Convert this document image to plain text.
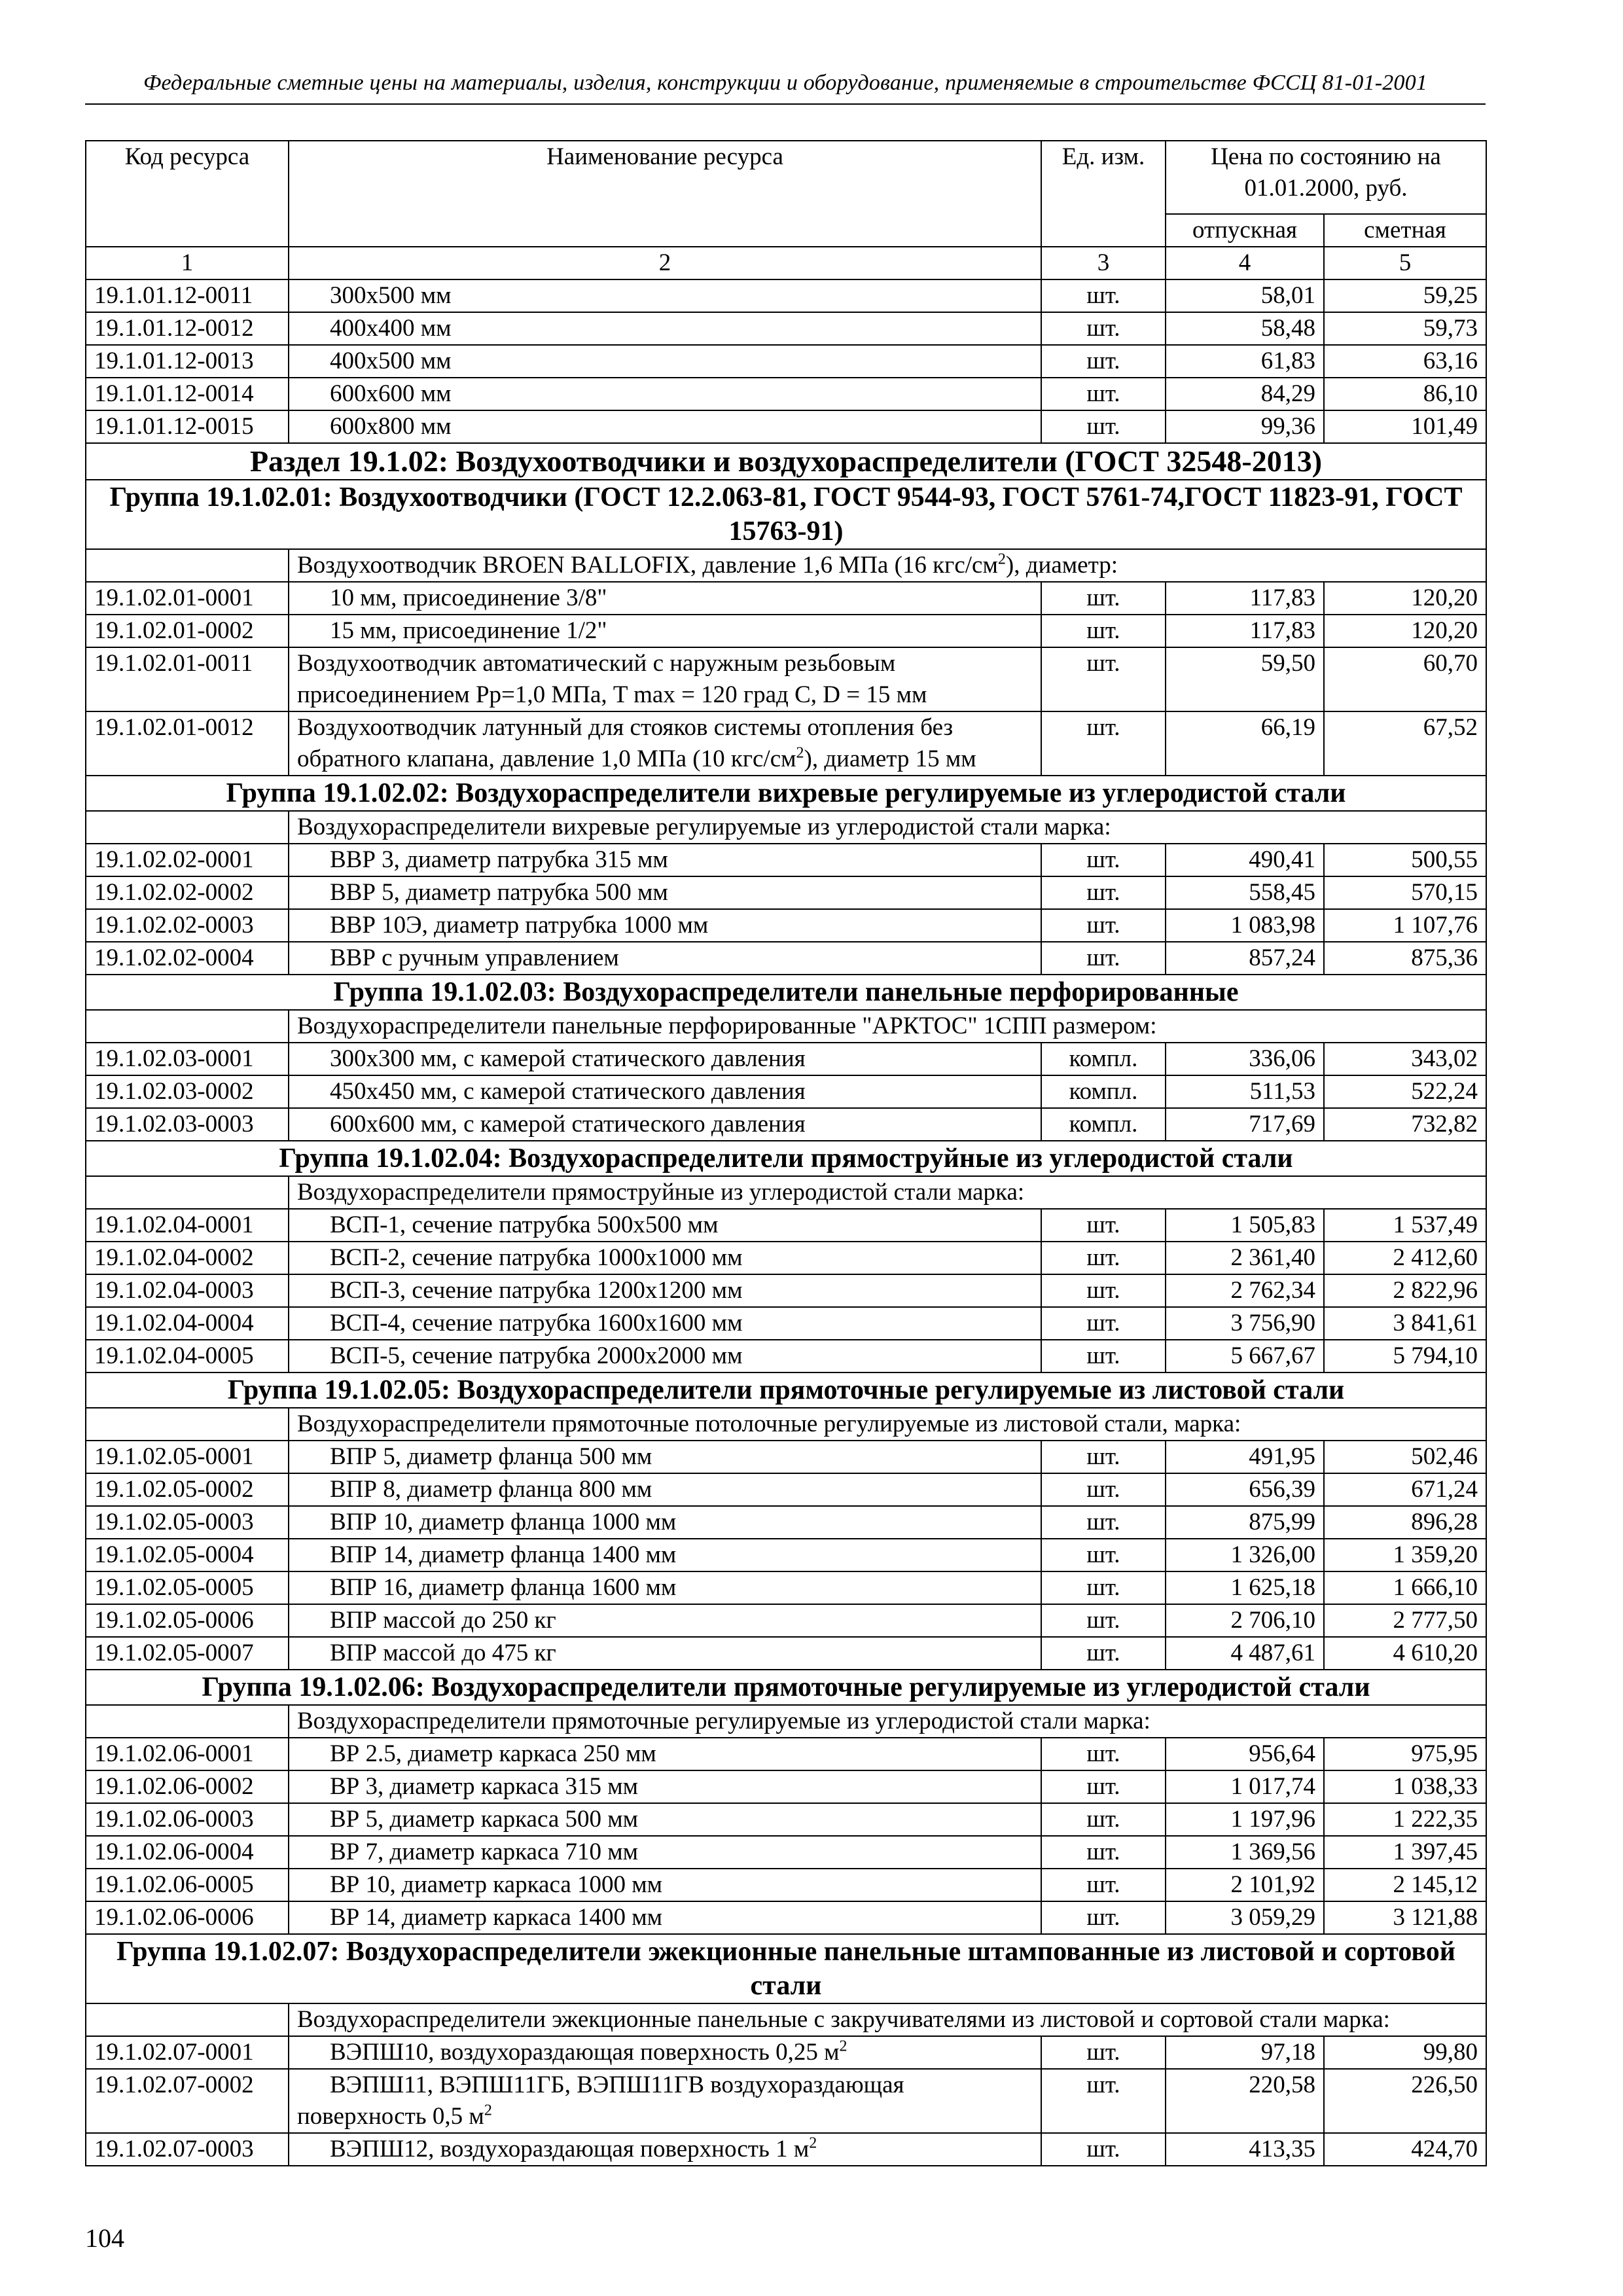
Федеральные сметные цены на материалы, изделия, конструкции и оборудование, применяемые в строительстве ФССЦ 81-01-2001
Код ресурса	Наименование ресурса	Ед. изм.	Цена по состоянию на 01.01.2000, руб.	
			отпускная	сметная
1	2	3	4	5
19.1.01.12-0011	300х500 мм	шт.	58,01	59,25
19.1.01.12-0012	400х400 мм	шт.	58,48	59,73
19.1.01.12-0013	400х500 мм	шт.	61,83	63,16
19.1.01.12-0014	600х600 мм	шт.	84,29	86,10
19.1.01.12-0015	600х800 мм	шт.	99,36	101,49
Раздел 19.1.02: Воздухоотводчики и воздухораспределители (ГОСТ 32548-2013)				
Группа 19.1.02.01: Воздухоотводчики (ГОСТ 12.2.063-81, ГОСТ 9544-93, ГОСТ 5761-74,ГОСТ 11823-91, ГОСТ 15763-91)				
	Воздухоотводчик BROEN BALLOFIX, давление 1,6 МПа (16 кгс/$см^2$), диаметр:			
19.1.02.01-0001	10 мм, присоединение 3/8"	шт.	117,83	120,20
19.1.02.01-0002	15 мм, присоединение 1/2"	шт.	117,83	120,20
19.1.02.01-0011	Воздухоотводчик автоматический с наружным резьбовым присоединением Рр=1,0 МПа, T max = 120 град С, D = 15 мм	шт.	59,50	60,70
19.1.02.01-0012	Воздухоотводчик латунный для стояков системы отопления без обратного клапана, давление 1,0 МПа (10 кгс/$см^2$), диаметр 15 мм	шт.	66,19	67,52
Группа 19.1.02.02: Воздухораспределители вихревые регулируемые из углеродистой стали				
	Воздухораспределители вихревые регулируемые из углеродистой стали марка:			
19.1.02.02-0001	ВВР 3, диаметр патрубка 315 мм	шт.	490,41	500,55
19.1.02.02-0002	ВВР 5, диаметр патрубка 500 мм	шт.	558,45	570,15
19.1.02.02-0003	ВВР 10Э, диаметр патрубка 1000 мм	шт.	1 083,98	1 107,76
19.1.02.02-0004	ВВР с ручным управлением	шт.	857,24	875,36
Группа 19.1.02.03: Воздухораспределители панельные перфорированные				
	Воздухораспределители панельные перфорированные "АРКТОС" 1СПП размером:			
19.1.02.03-0001	300х300 мм, с камерой статического давления	компл.	336,06	343,02
19.1.02.03-0002	450х450 мм, с камерой статического давления	компл.	511,53	522,24
19.1.02.03-0003	600х600 мм, с камерой статического давления	компл.	717,69	732,82
Группа 19.1.02.04: Воздухораспределители прямоструйные из углеродистой стали				
	Воздухораспределители прямоструйные из углеродистой стали марка:			
19.1.02.04-0001	ВСП-1, сечение патрубка 500х500 мм	шт.	1 505,83	1 537,49
19.1.02.04-0002	ВСП-2, сечение патрубка 1000х1000 мм	шт.	2 361,40	2 412,60
19.1.02.04-0003	ВСП-3, сечение патрубка 1200х1200 мм	шт.	2 762,34	2 822,96
19.1.02.04-0004	ВСП-4, сечение патрубка 1600х1600 мм	шт.	3 756,90	3 841,61
19.1.02.04-0005	ВСП-5, сечение патрубка 2000х2000 мм	шт.	5 667,67	5 794,10
Группа 19.1.02.05: Воздухораспределители прямоточные регулируемые из листовой стали				
	Воздухораспределители прямоточные потолочные регулируемые из листовой стали, марка:			
19.1.02.05-0001	ВПР 5, диаметр фланца 500 мм	шт.	491,95	502,46
19.1.02.05-0002	ВПР 8, диаметр фланца 800 мм	шт.	656,39	671,24
19.1.02.05-0003	ВПР 10, диаметр фланца 1000 мм	шт.	875,99	896,28
19.1.02.05-0004	ВПР 14, диаметр фланца 1400 мм	шт.	1 326,00	1 359,20
19.1.02.05-0005	ВПР 16, диаметр фланца 1600 мм	шт.	1 625,18	1 666,10
19.1.02.05-0006	ВПР массой до 250 кг	шт.	2 706,10	2 777,50
19.1.02.05-0007	ВПР массой до 475 кг	шт.	4 487,61	4 610,20
Группа 19.1.02.06: Воздухораспределители прямоточные регулируемые из углеродистой стали				
	Воздухораспределители прямоточные регулируемые из углеродистой стали марка:			
19.1.02.06-0001	ВР 2.5, диаметр каркаса 250 мм	шт.	956,64	975,95
19.1.02.06-0002	ВР 3, диаметр каркаса 315 мм	шт.	1 017,74	1 038,33
19.1.02.06-0003	ВР 5, диаметр каркаса 500 мм	шт.	1 197,96	1 222,35
19.1.02.06-0004	ВР 7, диаметр каркаса 710 мм	шт.	1 369,56	1 397,45
19.1.02.06-0005	ВР 10, диаметр каркаса 1000 мм	шт.	2 101,92	2 145,12
19.1.02.06-0006	ВР 14, диаметр каркаса 1400 мм	шт.	3 059,29	3 121,88
Группа 19.1.02.07: Воздухораспределители эжекционные панельные штампованные из листовой и сортовой стали				
	Воздухораспределители эжекционные панельные с закручивателями из листовой и сортовой стали марка:			
19.1.02.07-0001	ВЭПШ10, воздухораздающая поверхность 0,25 $м^2$	шт.	97,18	99,80
19.1.02.07-0002	ВЭПШ11, ВЭПШ11ГБ, ВЭПШ11ГВ воздухораздающая поверхность 0,5 $м^2$	шт.	220,58	226,50
19.1.02.07-0003	ВЭПШ12, воздухораздающая поверхность 1 $м^2$	шт.	413,35	424,70
104
